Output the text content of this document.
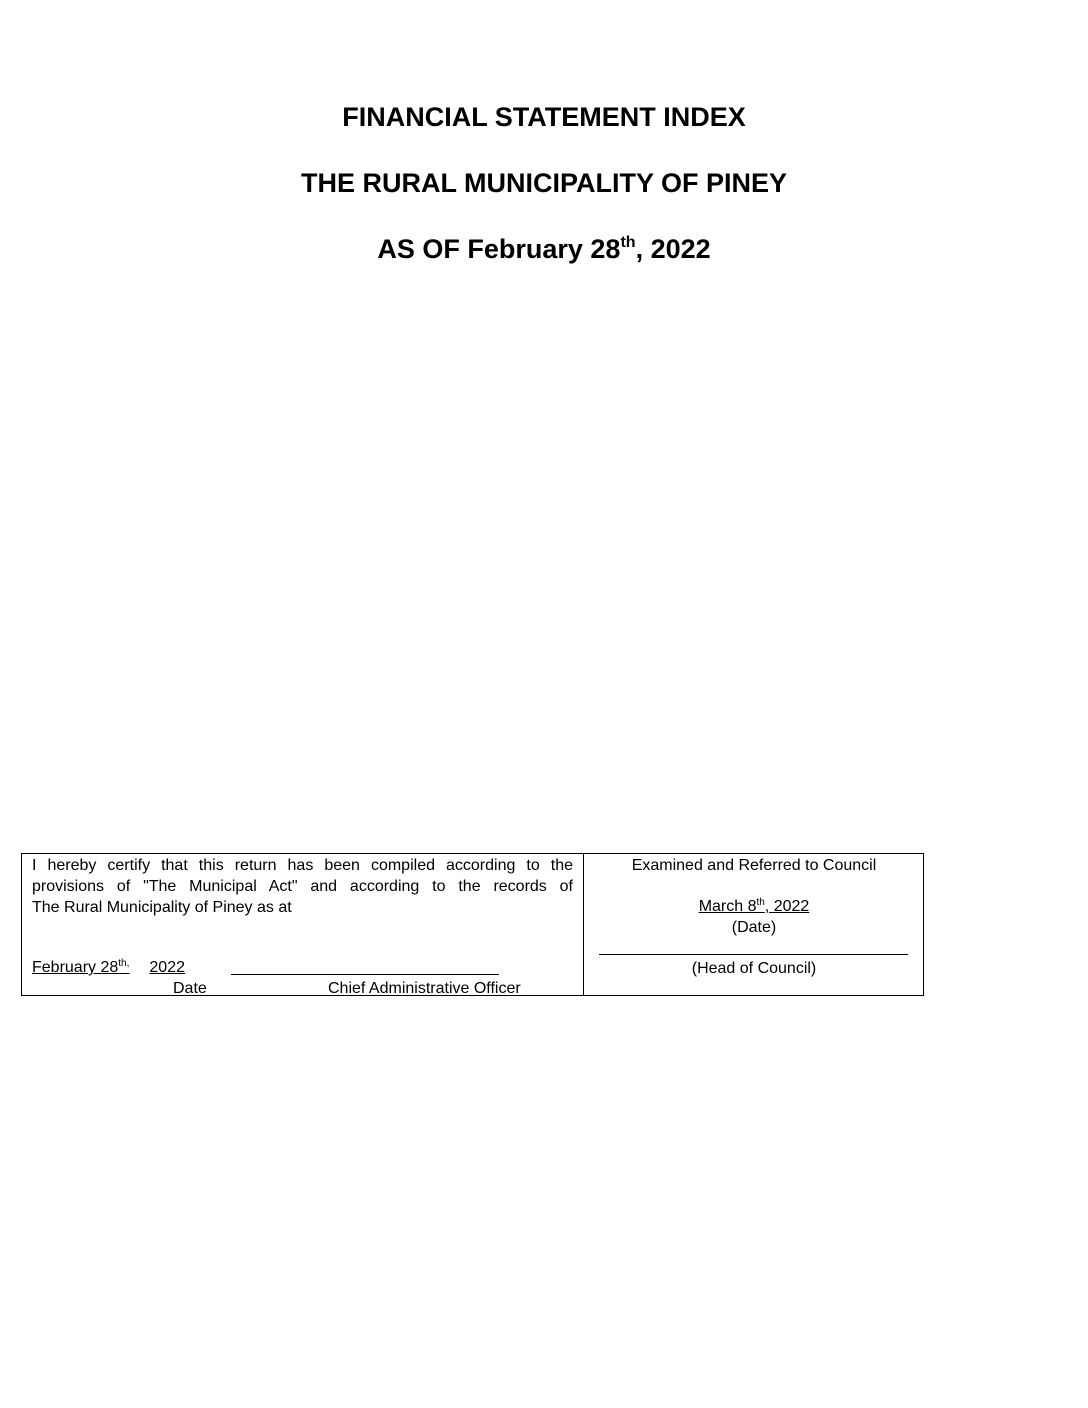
FINANCIAL STATEMENT INDEX
THE RURAL MUNICIPALITY OF PINEY
AS OF February 28th, 2022
I hereby certify that this return has been compiled according to the
provisions of "The Municipal Act" and according to the records of
The Rural Municipality of Piney as at
February $28^{th,}$ 2022
Date	Chief Administrative Officer
Examined and Referred to Council
March 8th, 2022
(Date)
(Head of Council)
